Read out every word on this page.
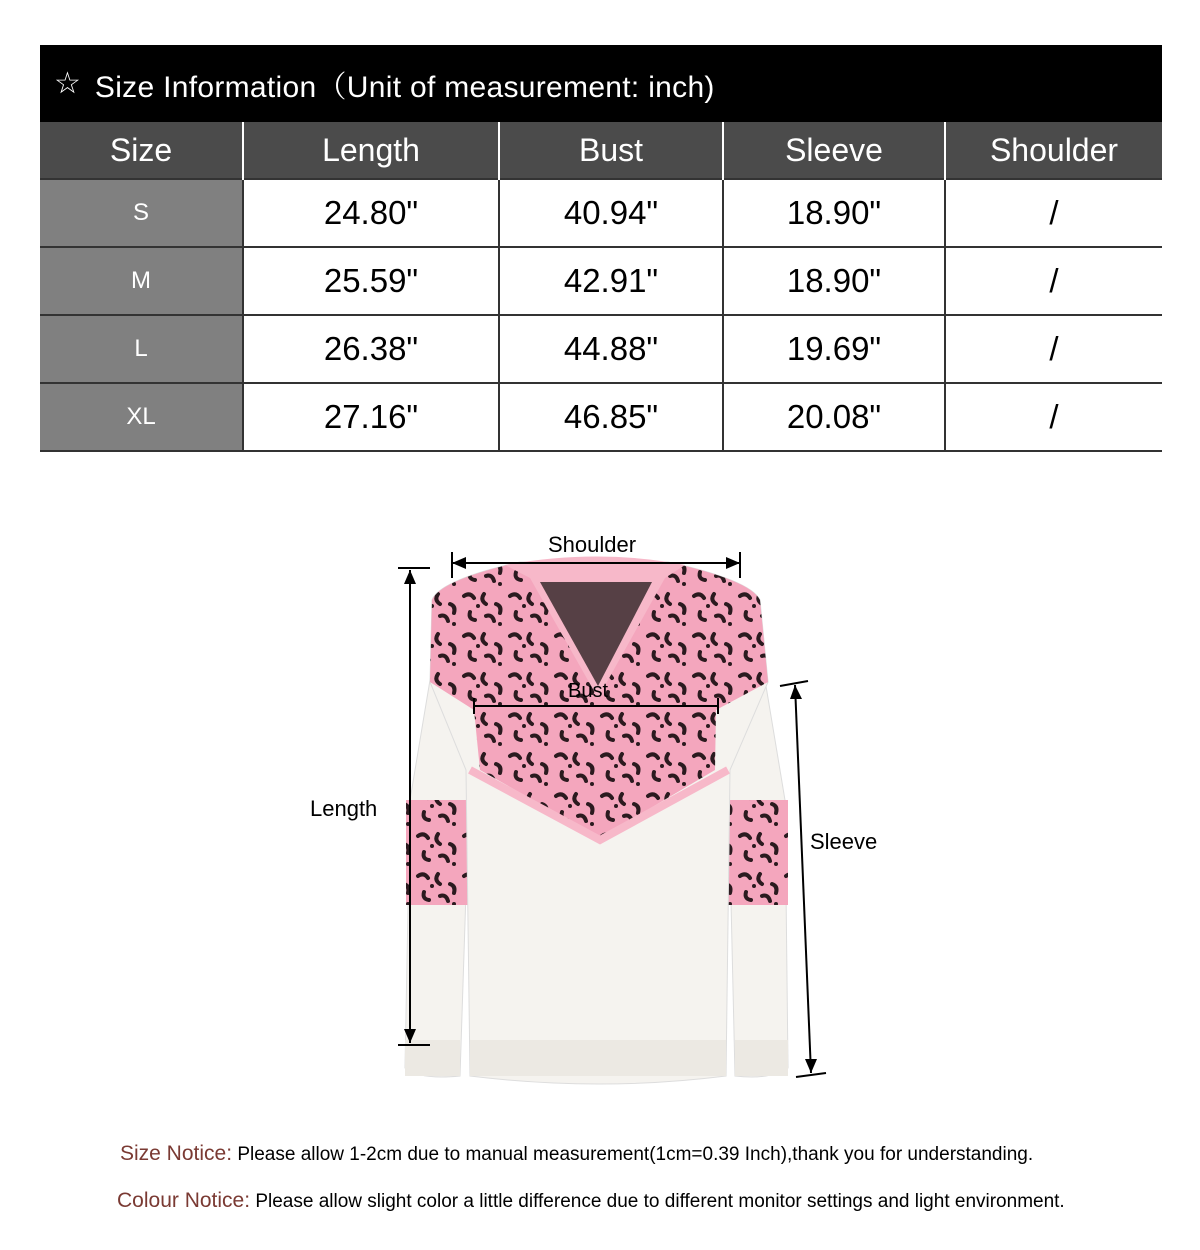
☆ Size Information（Unit of measurement: inch)
Size	Length	Bust	Sleeve	Shoulder
S	24.80"	40.94"	18.90"	/
M	25.59"	42.91"	18.90"	/
L	26.38"	44.88"	19.69"	/
XL	27.16"	46.85"	20.08"	/
Shoulder
Bust
Length
Sleeve
Size Notice: Please allow 1-2cm due to manual measurement(1cm=0.39 Inch),thank you for understanding.
Colour Notice: Please allow slight color a little difference due to different monitor settings and light environment.
